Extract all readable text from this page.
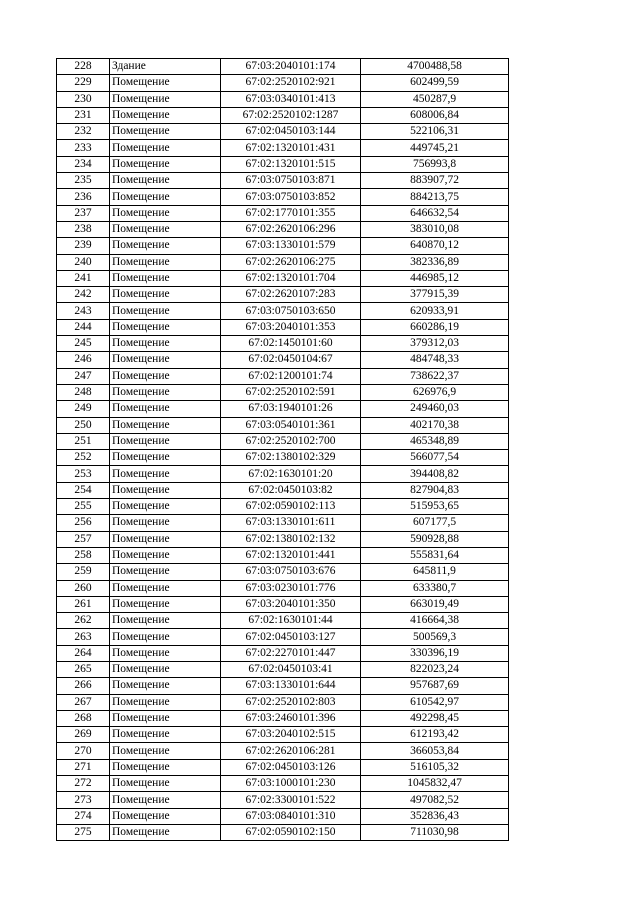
228	Здание	67:03:2040101:174	4700488,58
229	Помещение	67:02:2520102:921	602499,59
230	Помещение	67:03:0340101:413	450287,9
231	Помещение	67:02:2520102:1287	608006,84
232	Помещение	67:02:0450103:144	522106,31
233	Помещение	67:02:1320101:431	449745,21
234	Помещение	67:02:1320101:515	756993,8
235	Помещение	67:03:0750103:871	883907,72
236	Помещение	67:03:0750103:852	884213,75
237	Помещение	67:02:1770101:355	646632,54
238	Помещение	67:02:2620106:296	383010,08
239	Помещение	67:03:1330101:579	640870,12
240	Помещение	67:02:2620106:275	382336,89
241	Помещение	67:02:1320101:704	446985,12
242	Помещение	67:02:2620107:283	377915,39
243	Помещение	67:03:0750103:650	620933,91
244	Помещение	67:03:2040101:353	660286,19
245	Помещение	67:02:1450101:60	379312,03
246	Помещение	67:02:0450104:67	484748,33
247	Помещение	67:02:1200101:74	738622,37
248	Помещение	67:02:2520102:591	626976,9
249	Помещение	67:03:1940101:26	249460,03
250	Помещение	67:03:0540101:361	402170,38
251	Помещение	67:02:2520102:700	465348,89
252	Помещение	67:02:1380102:329	566077,54
253	Помещение	67:02:1630101:20	394408,82
254	Помещение	67:02:0450103:82	827904,83
255	Помещение	67:02:0590102:113	515953,65
256	Помещение	67:03:1330101:611	607177,5
257	Помещение	67:02:1380102:132	590928,88
258	Помещение	67:02:1320101:441	555831,64
259	Помещение	67:03:0750103:676	645811,9
260	Помещение	67:03:0230101:776	633380,7
261	Помещение	67:03:2040101:350	663019,49
262	Помещение	67:02:1630101:44	416664,38
263	Помещение	67:02:0450103:127	500569,3
264	Помещение	67:02:2270101:447	330396,19
265	Помещение	67:02:0450103:41	822023,24
266	Помещение	67:03:1330101:644	957687,69
267	Помещение	67:02:2520102:803	610542,97
268	Помещение	67:03:2460101:396	492298,45
269	Помещение	67:03:2040102:515	612193,42
270	Помещение	67:02:2620106:281	366053,84
271	Помещение	67:02:0450103:126	516105,32
272	Помещение	67:03:1000101:230	1045832,47
273	Помещение	67:02:3300101:522	497082,52
274	Помещение	67:03:0840101:310	352836,43
275	Помещение	67:02:0590102:150	711030,98
